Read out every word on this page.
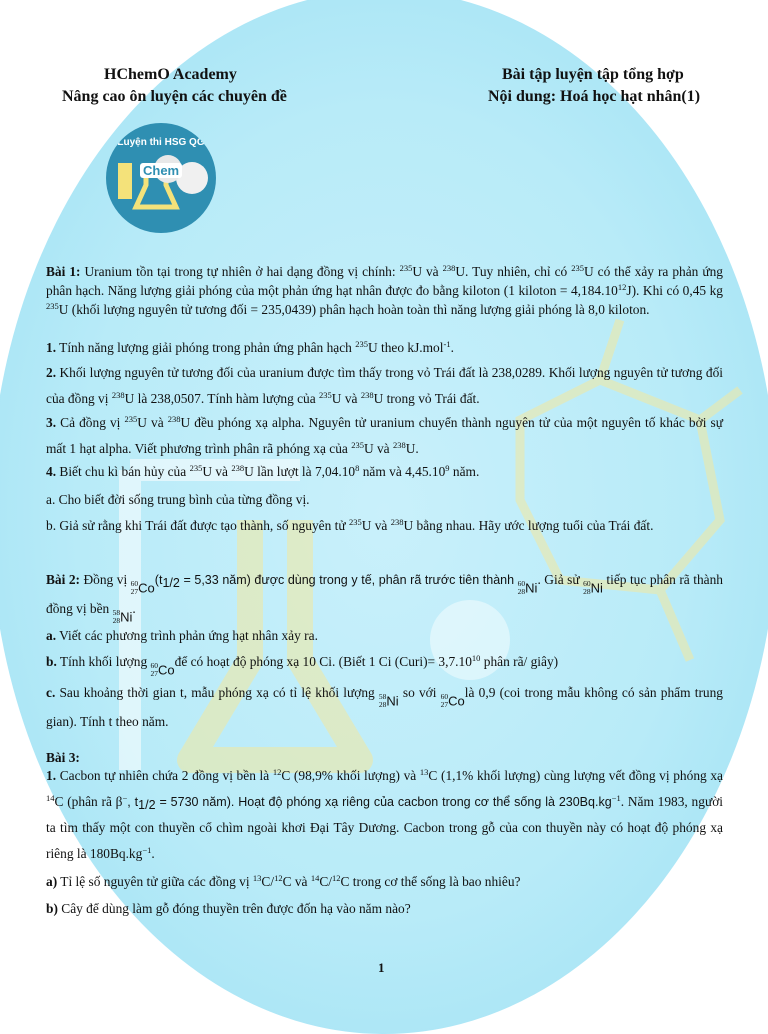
HChemO Academy
Nâng cao ôn luyện các chuyên đề
Bài tập luyện tập tổng hợp
Nội dung: Hoá học hạt nhân(1)
Luyện thi HSG QG
Chem
Bài 1: Uranium tồn tại trong tự nhiên ở hai dạng đồng vị chính: $^{235}$U và $^{238}$U. Tuy nhiên, chỉ có $^{235}$U có thể xảy ra phản ứng phân hạch. Năng lượng giải phóng của một phản ứng hạt nhân được đo bằng kiloton (1 kiloton = $4,184.10^{12}J$). Khi có 0,45 kg $^{235}$U (khối lượng nguyên tử tương đối = 235,0439) phân hạch hoàn toàn thì năng lượng giải phóng là 8,0 kiloton.
1. Tính năng lượng giải phóng trong phản ứng phân hạch $^{235}$U theo kJ.mol$^{-1}$.
2. Khối lượng nguyên tử tương đối của uranium được tìm thấy trong vỏ Trái đất là 238,0289. Khối lượng nguyên tử tương đối của đồng vị $^{238}$U là 238,0507. Tính hàm lượng của $^{235}$U và $^{238}$U trong vỏ Trái đất.
3. Cả đồng vị $^{235}$U và $^{238}$U đều phóng xạ alpha. Nguyên tử uranium chuyển thành nguyên tử của một nguyên tố khác bởi sự mất 1 hạt alpha. Viết phương trình phân rã phóng xạ của $^{235}$U và $^{238}$U.
4. Biết chu kì bán hủy của $^{235}$U và $^{238}$U lần lượt là 7,04.10$^8$ năm và 4,45.10$^9$ năm.
a. Cho biết đời sống trung bình của từng đồng vị.
b. Giả sử rằng khi Trái đất được tạo thành, số nguyên tử $^{235}$U và $^{238}$U bằng nhau. Hãy ước lượng tuổi của Trái đất.
Bài 2: Đồng vị 60
27 $Co(t_{1/2} = 5,33$ năm) được dùng trong y tế, phân rã trước tiên thành 60
28 Ni. Giả sử 60
28 Ni tiếp tục phân rã thành đồng vị bền 58
28 Ni.
a. Viết các phương trình phản ứng hạt nhân xảy ra.
b. Tính khối lượng 60
27 Cođể có hoạt độ phóng xạ 10 Ci. (Biết 1 Ci (Curi)= $3,7.10^{10}$ phân rã/ giây)
c. Sau khoảng thời gian t, mẫu phóng xạ có tỉ lệ khối lượng 58
28 Ni so với 60
27 Colà 0,9 (coi trong mẫu không có sản phẩm trung gian). Tính t theo năm.
Bài 3:
1. Cacbon tự nhiên chứa 2 đồng vị bền là $^{12}$C (98,9% khối lượng) và $^{13}$C (1,1% khối lượng) cùng lượng vết đồng vị phóng xạ $^{14}$C (phân rã β−, $t_{1/2} = 5730$ năm). Hoạt độ phóng xạ riêng của cacbon trong cơ thể sống là $230Bq.kg^{-1}$. Năm 1983, người ta tìm thấy một con thuyền cổ chìm ngoài khơi Đại Tây Dương. Cacbon trong gỗ của con thuyền này có hoạt độ phóng xạ riêng là $180Bq.kg^{-1}$.
a) Tỉ lệ số nguyên tử giữa các đồng vị $^{13}$C/$^{12}$C và $^{14}$C/$^{12}$C trong cơ thể sống là bao nhiêu?
b) Cây để dùng làm gỗ đóng thuyền trên được đốn hạ vào năm nào?
1
